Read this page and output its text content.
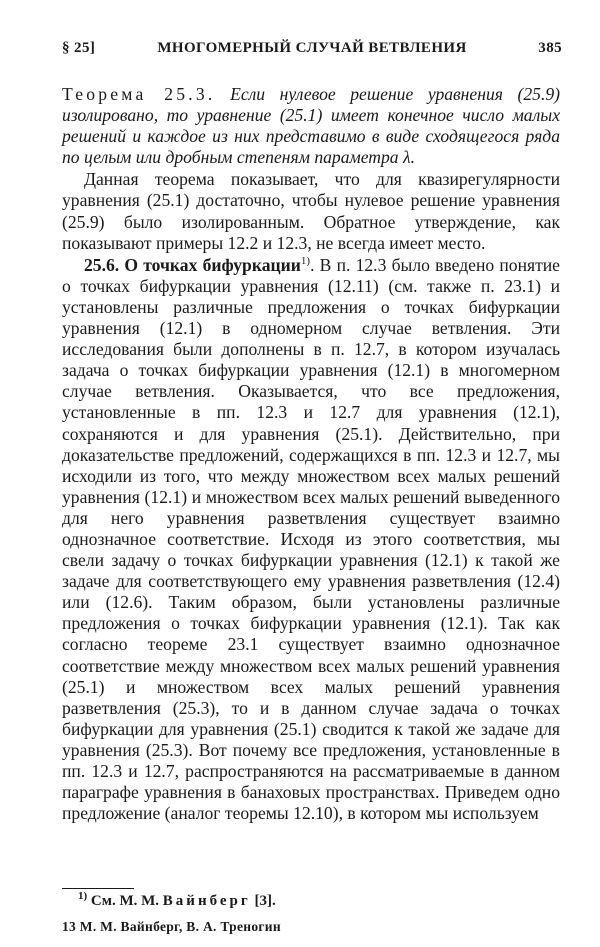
§ 25]	МНОГОМЕРНЫЙ СЛУЧАЙ ВЕТВЛЕНИЯ	385

Теорема 25.3. Если нулевое решение уравнения (25.9) изолировано, то уравнение (25.1) имеет конечное число малых решений и каждое из них представимо в виде сходящегося ряда по целым или дробным степеням параметра λ.

Данная теорема показывает, что для квазирегулярности уравнения (25.1) достаточно, чтобы нулевое решение уравнения (25.9) было изолированным. Обратное утверждение, как показывают примеры 12.2 и 12.3, не всегда имеет место.

25.6. О точках бифуркации$^{1)}$. В п. 12.3 было введено понятие о точках бифуркации уравнения (12.11) (см. также п. 23.1) и установлены различные предложения о точках бифуркации уравнения (12.1) в одномерном случае ветвления. Эти исследования были дополнены в п. 12.7, в котором изучалась задача о точках бифуркации уравнения (12.1) в многомерном случае ветвления. Оказывается, что все предложения, установленные в пп. 12.3 и 12.7 для уравнения (12.1), сохраняются и для уравнения (25.1). Действительно, при доказательстве предложений, содержащихся в пп. 12.3 и 12.7, мы исходили из того, что между множеством всех малых решений уравнения (12.1) и множеством всех малых решений выведенного для него уравнения разветвления существует взаимно однозначное соответствие. Исходя из этого соответствия, мы свели задачу о точках бифуркации уравнения (12.1) к такой же задаче для соответствующего ему уравнения разветвления (12.4) или (12.6). Таким образом, были установлены различные предложения о точках бифуркации уравнения (12.1). Так как согласно теореме 23.1 существует взаимно однозначное соответствие между множеством всех малых решений уравнения (25.1) и множеством всех малых решений уравнения разветвления (25.3), то и в данном случае задача о точках бифуркации для уравнения (25.1) сводится к такой же задаче для уравнения (25.3). Вот почему все предложения, установленные в пп. 12.3 и 12.7, распространяются на рассматриваемые в данном параграфе уравнения в банаховых пространствах. Приведем одно предложение (аналог теоремы 12.10), в котором мы используем

$^{1)}$ См. М. М. Вайнберг [3].
13 М. М. Вайнберг, В. А. Треногин
